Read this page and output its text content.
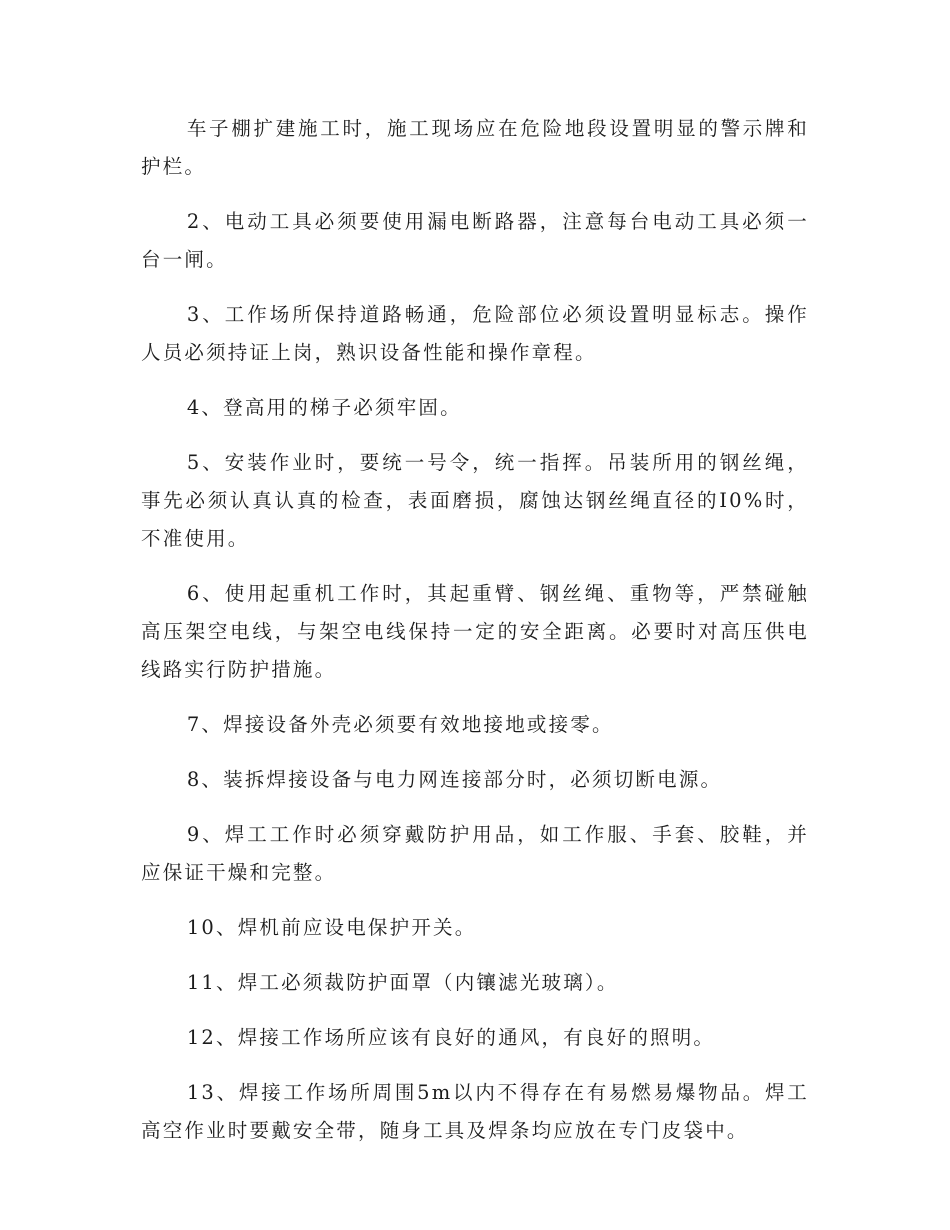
车子棚扩建施工时，施工现场应在危险地段设置明显的警示牌和护栏。

2、电动工具必须要使用漏电断路器，注意每台电动工具必须一台一闸。

3、工作场所保持道路畅通，危险部位必须设置明显标志。操作人员必须持证上岗，熟识设备性能和操作章程。

4、登高用的梯子必须牢固。

5、安装作业时，要统一号令，统一指挥。吊装所用的钢丝绳，事先必须认真认真的检查，表面磨损，腐蚀达钢丝绳直径的I0%时，不准使用。

6、使用起重机工作时，其起重臂、钢丝绳、重物等，严禁碰触高压架空电线，与架空电线保持一定的安全距离。必要时对高压供电线路实行防护措施。

7、焊接设备外壳必须要有效地接地或接零。

8、装拆焊接设备与电力网连接部分时，必须切断电源。

9、焊工工作时必须穿戴防护用品，如工作服、手套、胶鞋，并应保证干燥和完整。

10、焊机前应设电保护开关。

11、焊工必须裁防护面罩（内镶滤光玻璃）。

12、焊接工作场所应该有良好的通风，有良好的照明。

13、焊接工作场所周围5m以内不得存在有易燃易爆物品。焊工高空作业时要戴安全带，随身工具及焊条均应放在专门皮袋中。
